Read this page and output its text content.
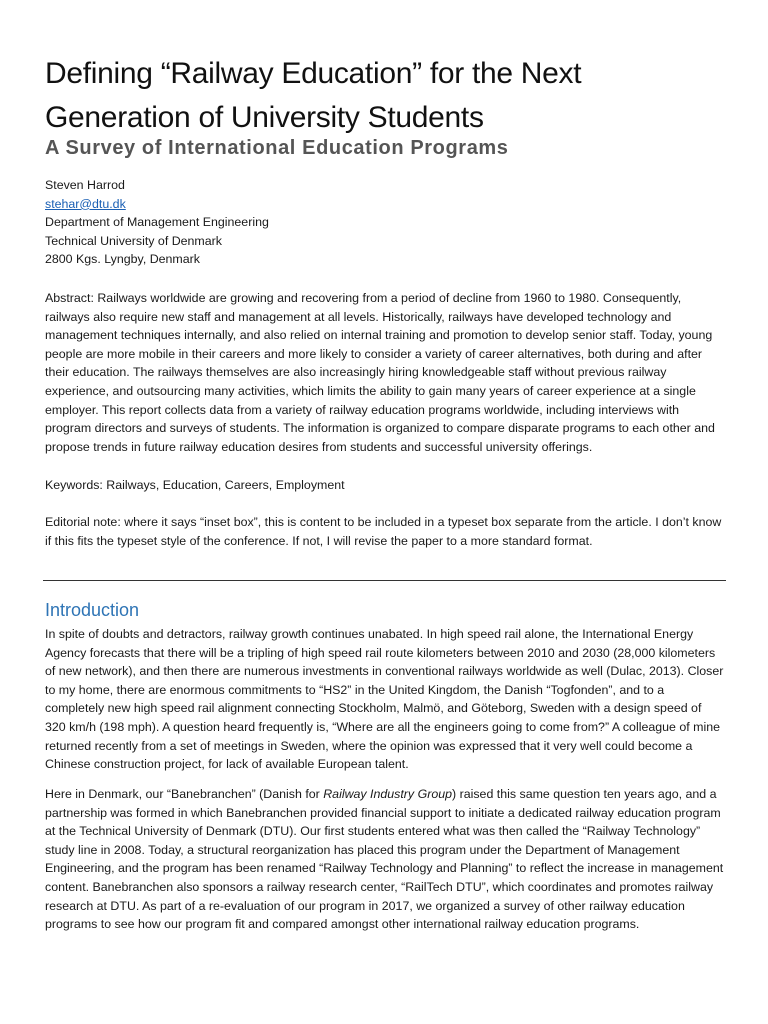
Defining “Railway Education” for the Next Generation of University Students
A Survey of International Education Programs
Steven Harrod
stehar@dtu.dk
Department of Management Engineering
Technical University of Denmark
2800 Kgs. Lyngby, Denmark

Abstract: Railways worldwide are growing and recovering from a period of decline from 1960 to 1980. Consequently, railways also require new staff and management at all levels. Historically, railways have developed technology and management techniques internally, and also relied on internal training and promotion to develop senior staff. Today, young people are more mobile in their careers and more likely to consider a variety of career alternatives, both during and after their education. The railways themselves are also increasingly hiring knowledgeable staff without previous railway experience, and outsourcing many activities, which limits the ability to gain many years of career experience at a single employer. This report collects data from a variety of railway education programs worldwide, including interviews with program directors and surveys of students. The information is organized to compare disparate programs to each other and propose trends in future railway education desires from students and successful university offerings.

Keywords: Railways, Education, Careers, Employment

Editorial note: where it says “inset box”, this is content to be included in a typeset box separate from the article. I don’t know if this fits the typeset style of the conference. If not, I will revise the paper to a more standard format.

Introduction

In spite of doubts and detractors, railway growth continues unabated. In high speed rail alone, the International Energy Agency forecasts that there will be a tripling of high speed rail route kilometers between 2010 and 2030 (28,000 kilometers of new network), and then there are numerous investments in conventional railways worldwide as well (Dulac, 2013). Closer to my home, there are enormous commitments to “HS2” in the United Kingdom, the Danish “Togfonden”, and to a completely new high speed rail alignment connecting Stockholm, Malmö, and Göteborg, Sweden with a design speed of 320 km/h (198 mph). A question heard frequently is, “Where are all the engineers going to come from?” A colleague of mine returned recently from a set of meetings in Sweden, where the opinion was expressed that it very well could become a Chinese construction project, for lack of available European talent.

Here in Denmark, our “Banebranchen” (Danish for Railway Industry Group) raised this same question ten years ago, and a partnership was formed in which Banebranchen provided financial support to initiate a dedicated railway education program at the Technical University of Denmark (DTU). Our first students entered what was then called the “Railway Technology” study line in 2008. Today, a structural reorganization has placed this program under the Department of Management Engineering, and the program has been renamed “Railway Technology and Planning” to reflect the increase in management content. Banebranchen also sponsors a railway research center, “RailTech DTU”, which coordinates and promotes railway research at DTU. As part of a re-evaluation of our program in 2017, we organized a survey of other railway education programs to see how our program fit and compared amongst other international railway education programs.
